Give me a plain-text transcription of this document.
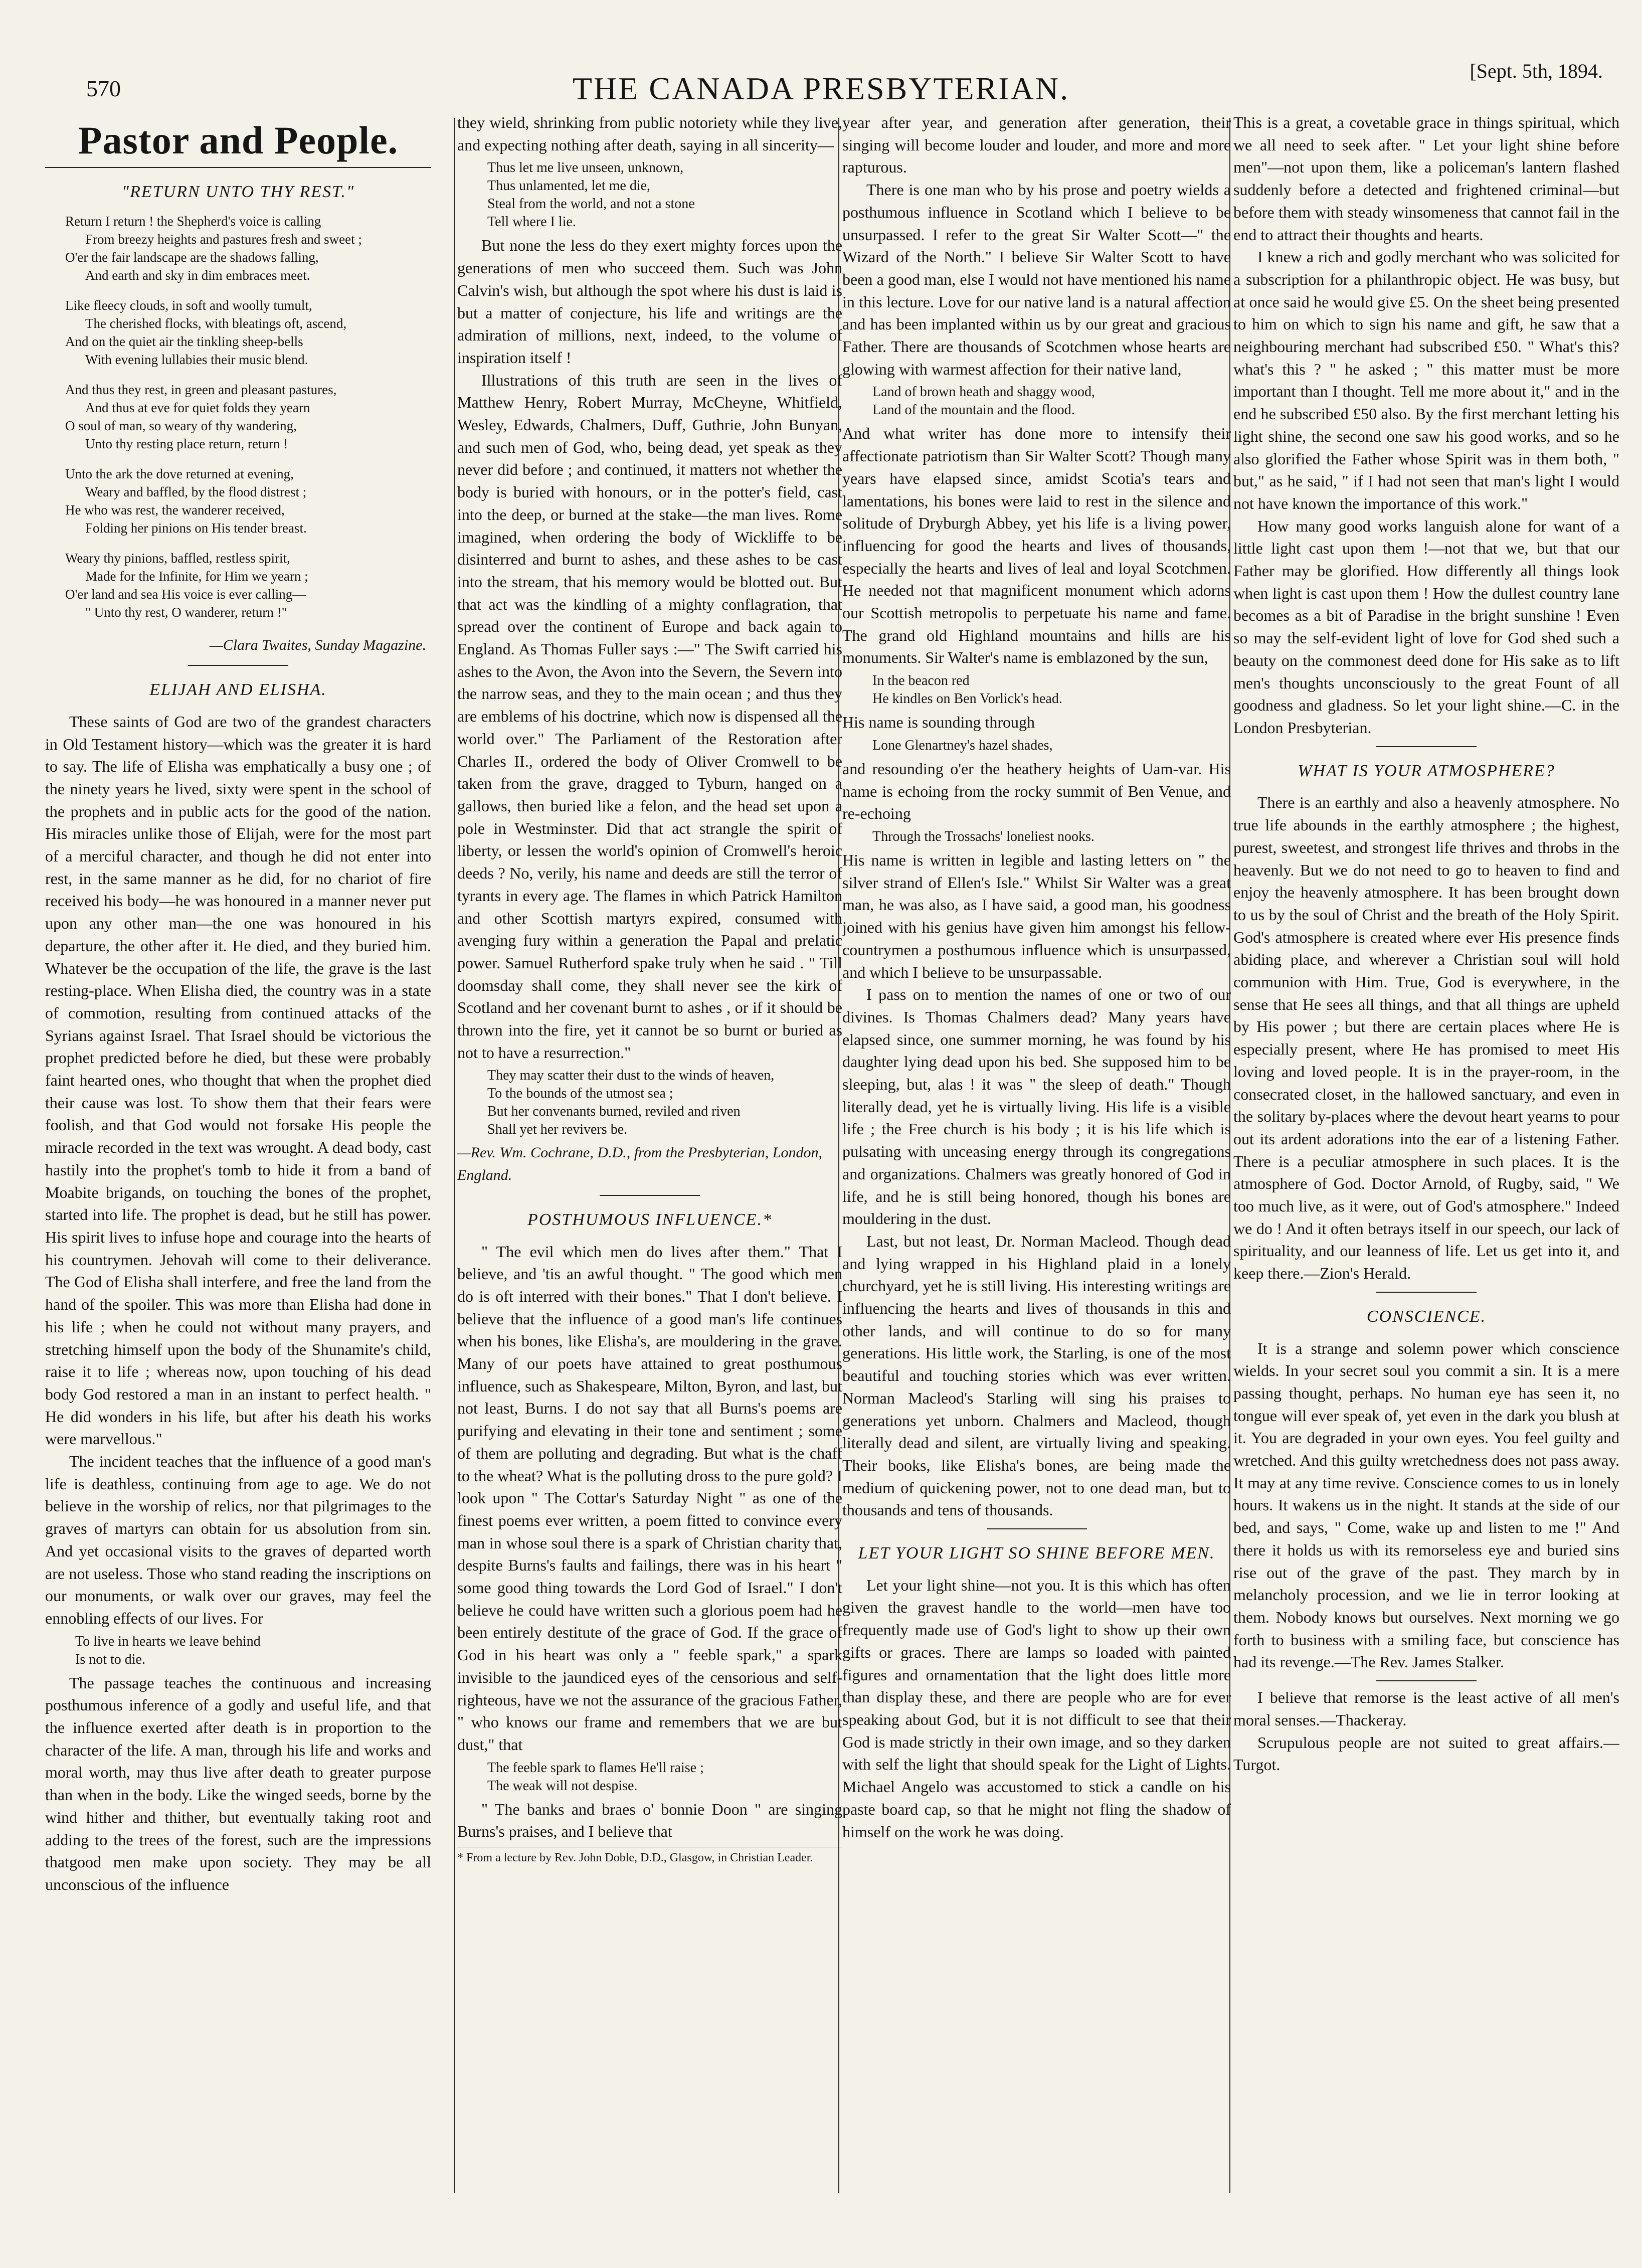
570	THE CANADA PRESBYTERIAN.	[Sept. 5th, 1894.
Pastor and People.
"RETURN UNTO THY REST."
Return I return ! the Shepherd's voice is calling
From breezy heights and pastures fresh and sweet ;
O'er the fair landscape are the shadows falling,
And earth and sky in dim embraces meet.
Like fleecy clouds, in soft and woolly tumult,
The cherished flocks, with bleatings oft, ascend,
And on the quiet air the tinkling sheep-bells
With evening lullabies their music blend.
And thus they rest, in green and pleasant pastures,
And thus at eve for quiet folds they yearn
O soul of man, so weary of thy wandering,
Unto thy resting place return, return !
Unto the ark the dove returned at evening,
Weary and baffled, by the flood distrest ;
He who was rest, the wanderer received,
Folding her pinions on His tender breast.
Weary thy pinions, baffled, restless spirit,
Made for the Infinite, for Him we yearn ;
O'er land and sea His voice is ever calling—
" Unto thy rest, O wanderer, return !"
—Clara Twaites, Sunday Magazine.
ELIJAH AND ELISHA.

These saints of God are two of the grandest characters in Old Testament history—which was the greater it is hard to say. The life of Elisha was emphatically a busy one ; of the ninety years he lived, sixty were spent in the school of the prophets and in public acts for the good of the nation. His miracles unlike those of Elijah, were for the most part of a merciful character, and though he did not enter into rest, in the same manner as he did, for no chariot of fire received his body—he was honoured in a manner never put upon any other man—the one was honoured in his departure, the other after it. He died, and they buried him. Whatever be the occupation of the life, the grave is the last resting-place. When Elisha died, the country was in a state of commotion, resulting from continued attacks of the Syrians against Israel. That Israel should be victorious the prophet predicted before he died, but these were probably faint hearted ones, who thought that when the prophet died their cause was lost. To show them that their fears were foolish, and that God would not forsake His people the miracle recorded in the text was wrought. A dead body, cast hastily into the prophet's tomb to hide it from a band of Moabite brigands, on touching the bones of the prophet, started into life. The prophet is dead, but he still has power. His spirit lives to infuse hope and courage into the hearts of his countrymen. Jehovah will come to their deliverance. The God of Elisha shall interfere, and free the land from the hand of the spoiler. This was more than Elisha had done in his life ; when he could not without many prayers, and stretching himself upon the body of the Shunamite's child, raise it to life ; whereas now, upon touching of his dead body God restored a man in an instant to perfect health. " He did wonders in his life, but after his death his works were marvellous."

The incident teaches that the influence of a good man's life is deathless, continuing from age to age. We do not believe in the worship of relics, nor that pilgrimages to the graves of martyrs can obtain for us absolution from sin. And yet occasional visits to the graves of departed worth are not useless. Those who stand reading the inscriptions on our monuments, or walk over our graves, may feel the ennobling effects of our lives. For

To live in hearts we leave behind
Is not to die.

The passage teaches the continuous and increasing posthumous inference of a godly and useful life, and that the influence exerted after death is in proportion to the character of the life. A man, through his life and works and moral worth, may thus live after death to greater purpose than when in the body. Like the winged seeds, borne by the wind hither and thither, but eventually taking root and adding to the trees of the forest, such are the impressions thatgood men make upon society. They may be all unconscious of the influence

they wield, shrinking from public notoriety while they live, and expecting nothing after death, saying in all sincerity—

Thus let me live unseen, unknown,
Thus unlamented, let me die,
Steal from the world, and not a stone
Tell where I lie.

But none the less do they exert mighty forces upon the generations of men who succeed them. Such was John Calvin's wish, but although the spot where his dust is laid is but a matter of conjecture, his life and writings are the admiration of millions, next, indeed, to the volume of inspiration itself !

Illustrations of this truth are seen in the lives of Matthew Henry, Robert Murray, McCheyne, Whitfield, Wesley, Edwards, Chalmers, Duff, Guthrie, John Bunyan, and such men of God, who, being dead, yet speak as they never did before ; and continued, it matters not whether the body is buried with honours, or in the potter's field, cast into the deep, or burned at the stake—the man lives. Rome imagined, when ordering the body of Wickliffe to be disinterred and burnt to ashes, and these ashes to be cast into the stream, that his memory would be blotted out. But that act was the kindling of a mighty conflagration, that spread over the continent of Europe and back again to England. As Thomas Fuller says :—" The Swift carried his ashes to the Avon, the Avon into the Severn, the Severn into the narrow seas, and they to the main ocean ; and thus they are emblems of his doctrine, which now is dispensed all the world over." The Parliament of the Restoration after Charles II., ordered the body of Oliver Cromwell to be taken from the grave, dragged to Tyburn, hanged on a gallows, then buried like a felon, and the head set upon a pole in Westminster. Did that act strangle the spirit of liberty, or lessen the world's opinion of Cromwell's heroic deeds ? No, verily, his name and deeds are still the terror of tyrants in every age. The flames in which Patrick Hamilton and other Scottish martyrs expired, consumed with avenging fury within a generation the Papal and prelatic power. Samuel Rutherford spake truly when he said . " Till doomsday shall come, they shall never see the kirk of Scotland and her covenant burnt to ashes , or if it should be thrown into the fire, yet it cannot be so burnt or buried as not to have a resurrection."

They may scatter their dust to the winds of heaven,
To the bounds of the utmost sea ;
But her convenants burned, reviled and riven
Shall yet her revivers be.
—Rev. Wm. Cochrane, D.D., from the Presbyterian, London, England.
POSTHUMOUS INFLUENCE.*

" The evil which men do lives after them." That I believe, and 'tis an awful thought. " The good which men do is oft interred with their bones." That I don't believe. I believe that the influence of a good man's life continues when his bones, like Elisha's, are mouldering in the grave. Many of our poets have attained to great posthumous influence, such as Shakespeare, Milton, Byron, and last, but not least, Burns. I do not say that all Burns's poems are purifying and elevating in their tone and sentiment ; some of them are polluting and degrading. But what is the chaff to the wheat? What is the polluting dross to the pure gold? I look upon " The Cottar's Saturday Night " as one of the finest poems ever written, a poem fitted to convince every man in whose soul there is a spark of Christian charity that, despite Burns's faults and failings, there was in his heart " some good thing towards the Lord God of Israel." I don't believe he could have written such a glorious poem had he been entirely destitute of the grace of God. If the grace of God in his heart was only a " feeble spark," a spark invisible to the jaundiced eyes of the censorious and self-righteous, have we not the assurance of the gracious Father, " who knows our frame and remembers that we are but dust," that

The feeble spark to flames He'll raise ;
The weak will not despise.

" The banks and braes o' bonnie Doon " are singing Burns's praises, and I believe that

* From a lecture by Rev. John Doble, D.D., Glasgow, in Christian Leader.

year after year, and generation after generation, their singing will become louder and louder, and more and more rapturous.

There is one man who by his prose and poetry wields a posthumous influence in Scotland which I believe to be unsurpassed. I refer to the great Sir Walter Scott—" the Wizard of the North." I believe Sir Walter Scott to have been a good man, else I would not have mentioned his name in this lecture. Love for our native land is a natural affection and has been implanted within us by our great and gracious Father. There are thousands of Scotchmen whose hearts are glowing with warmest affection for their native land,

Land of brown heath and shaggy wood,
Land of the mountain and the flood.

And what writer has done more to intensify their affectionate patriotism than Sir Walter Scott? Though many years have elapsed since, amidst Scotia's tears and lamentations, his bones were laid to rest in the silence and solitude of Dryburgh Abbey, yet his life is a living power, influencing for good the hearts and lives of thousands, especially the hearts and lives of leal and loyal Scotchmen. He needed not that magnificent monument which adorns our Scottish metropolis to perpetuate his name and fame. The grand old Highland mountains and hills are his monuments. Sir Walter's name is emblazoned by the sun,

In the beacon red
He kindles on Ben Vorlick's head.

His name is sounding through

Lone Glenartney's hazel shades,

and resounding o'er the heathery heights of Uam-var. His name is echoing from the rocky summit of Ben Venue, and re-echoing

Through the Trossachs' loneliest nooks.

His name is written in legible and lasting letters on " the silver strand of Ellen's Isle." Whilst Sir Walter was a great man, he was also, as I have said, a good man, his goodness joined with his genius have given him amongst his fellow-countrymen a posthumous influence which is unsurpassed, and which I believe to be unsurpassable.

I pass on to mention the names of one or two of our divines. Is Thomas Chalmers dead? Many years have elapsed since, one summer morning, he was found by his daughter lying dead upon his bed. She supposed him to be sleeping, but, alas ! it was " the sleep of death." Though literally dead, yet he is virtually living. His life is a visible life ; the Free church is his body ; it is his life which is pulsating with unceasing energy through its congregations and organizations. Chalmers was greatly honored of God in life, and he is still being honored, though his bones are mouldering in the dust.

Last, but not least, Dr. Norman Macleod. Though dead and lying wrapped in his Highland plaid in a lonely churchyard, yet he is still living. His interesting writings are influencing the hearts and lives of thousands in this and other lands, and will continue to do so for many generations. His little work, the Starling, is one of the most beautiful and touching stories which was ever written. Norman Macleod's Starling will sing his praises to generations yet unborn. Chalmers and Macleod, though literally dead and silent, are virtually living and speaking. Their books, like Elisha's bones, are being made the medium of quickening power, not to one dead man, but to thousands and tens of thousands.

LET YOUR LIGHT SO SHINE BEFORE MEN.

Let your light shine—not you. It is this which has often given the gravest handle to the world—men have too frequently made use of God's light to show up their own gifts or graces. There are lamps so loaded with painted figures and ornamentation that the light does little more than display these, and there are people who are for ever speaking about God, but it is not difficult to see that their God is made strictly in their own image, and so they darken with self the light that should speak for the Light of Lights. Michael Angelo was accustomed to stick a candle on his paste board cap, so that he might not fling the shadow of himself on the work he was doing.

This is a great, a covetable grace in things spiritual, which we all need to seek after. " Let your light shine before men"—not upon them, like a policeman's lantern flashed suddenly before a detected and frightened criminal—but before them with steady winsomeness that cannot fail in the end to attract their thoughts and hearts.

I knew a rich and godly merchant who was solicited for a subscription for a philanthropic object. He was busy, but at once said he would give £5. On the sheet being presented to him on which to sign his name and gift, he saw that a neighbouring merchant had subscribed £50. " What's this? what's this ? " he asked ; " this matter must be more important than I thought. Tell me more about it," and in the end he subscribed £50 also. By the first merchant letting his light shine, the second one saw his good works, and so he also glorified the Father whose Spirit was in them both, " but," as he said, " if I had not seen that man's light I would not have known the importance of this work."

How many good works languish alone for want of a little light cast upon them !—not that we, but that our Father may be glorified. How differently all things look when light is cast upon them ! How the dullest country lane becomes as a bit of Paradise in the bright sunshine ! Even so may the self-evident light of love for God shed such a beauty on the commonest deed done for His sake as to lift men's thoughts unconsciously to the great Fount of all goodness and gladness. So let your light shine.—C. in the London Presbyterian.

WHAT IS YOUR ATMOSPHERE?

There is an earthly and also a heavenly atmosphere. No true life abounds in the earthly atmosphere ; the highest, purest, sweetest, and strongest life thrives and throbs in the heavenly. But we do not need to go to heaven to find and enjoy the heavenly atmosphere. It has been brought down to us by the soul of Christ and the breath of the Holy Spirit. God's atmosphere is created where ever His presence finds abiding place, and wherever a Christian soul will hold communion with Him. True, God is everywhere, in the sense that He sees all things, and that all things are upheld by His power ; but there are certain places where He is especially present, where He has promised to meet His loving and loved people. It is in the prayer-room, in the consecrated closet, in the hallowed sanctuary, and even in the solitary by-places where the devout heart yearns to pour out its ardent adorations into the ear of a listening Father. There is a peculiar atmosphere in such places. It is the atmosphere of God. Doctor Arnold, of Rugby, said, " We too much live, as it were, out of God's atmosphere." Indeed we do ! And it often betrays itself in our speech, our lack of spirituality, and our leanness of life. Let us get into it, and keep there.—Zion's Herald.

CONSCIENCE.

It is a strange and solemn power which conscience wields. In your secret soul you commit a sin. It is a mere passing thought, perhaps. No human eye has seen it, no tongue will ever speak of, yet even in the dark you blush at it. You are degraded in your own eyes. You feel guilty and wretched. And this guilty wretchedness does not pass away. It may at any time revive. Conscience comes to us in lonely hours. It wakens us in the night. It stands at the side of our bed, and says, " Come, wake up and listen to me !" And there it holds us with its remorseless eye and buried sins rise out of the grave of the past. They march by in melancholy procession, and we lie in terror looking at them. Nobody knows but ourselves. Next morning we go forth to business with a smiling face, but conscience has had its revenge.—The Rev. James Stalker.

I believe that remorse is the least active of all men's moral senses.—Thackeray.

Scrupulous people are not suited to great affairs.—Turgot.
